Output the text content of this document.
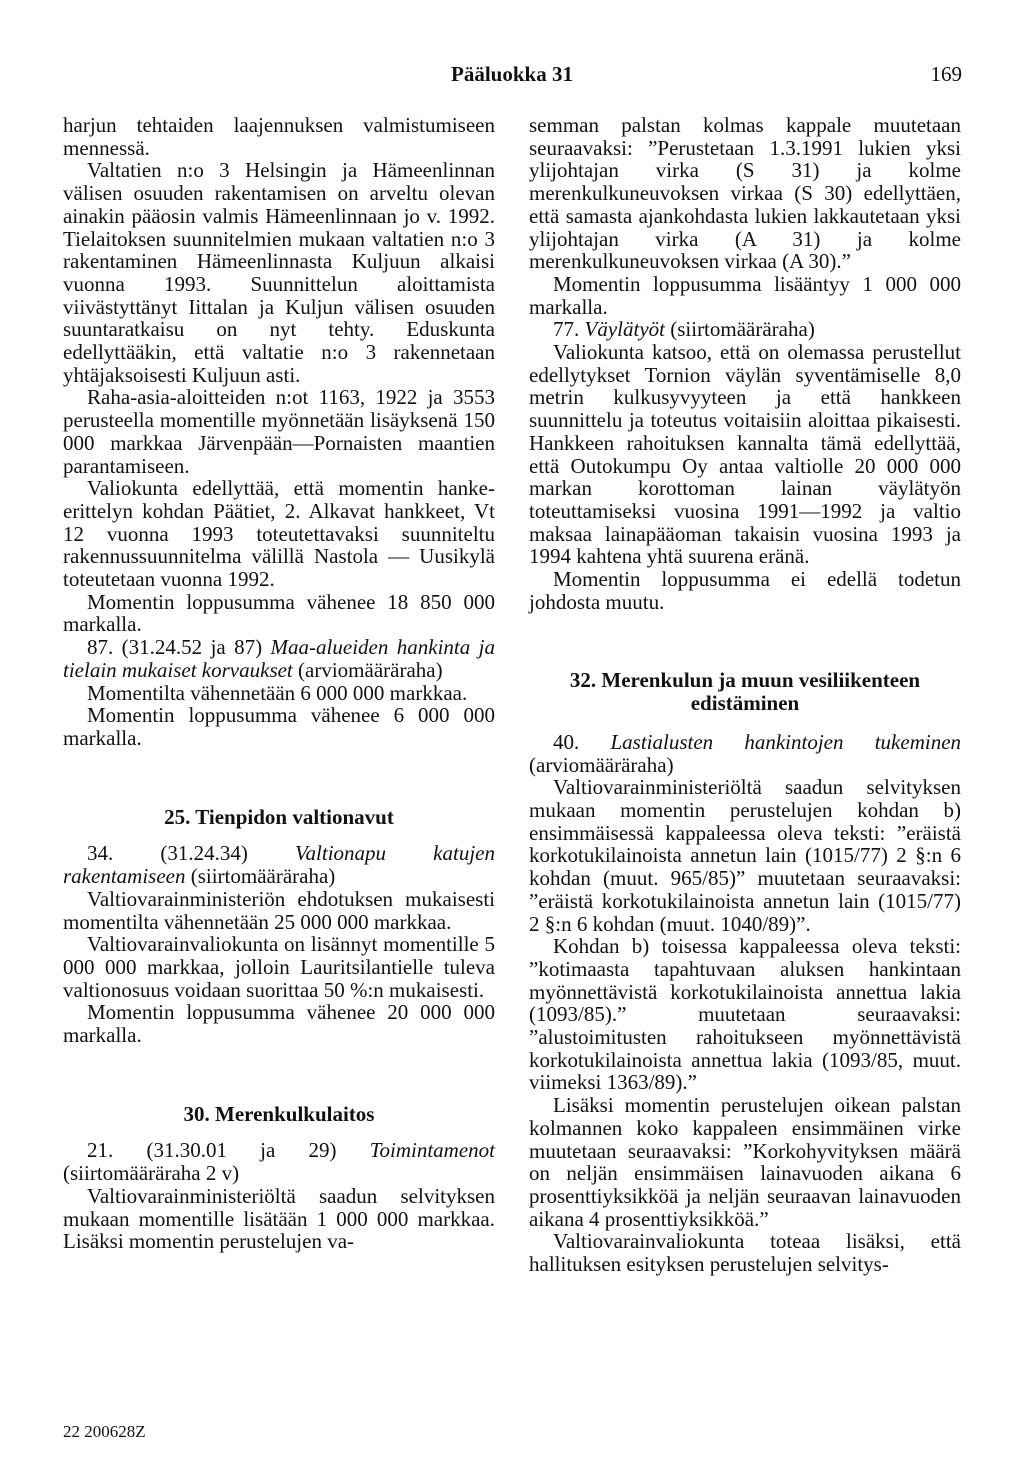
Pääluokka 31	169

harjun tehtaiden laajennuksen valmistumiseen mennessä.

Valtatien n:o 3 Helsingin ja Hämeenlinnan välisen osuuden rakentamisen on arveltu olevan ainakin pääosin valmis Hämeenlinnaan jo v. 1992. Tielaitoksen suunnitelmien mukaan valtatien n:o 3 rakentaminen Hämeenlinnasta Kuljuun alkaisi vuonna 1993. Suunnittelun aloittamista viivästyttänyt Iittalan ja Kuljun välisen osuuden suuntaratkaisu on nyt tehty. Eduskunta edellyttääkin, että valtatie n:o 3 rakennetaan yhtäjaksoisesti Kuljuun asti.

Raha-asia-aloitteiden n:ot 1163, 1922 ja 3553 perusteella momentille myönnetään lisäyksenä 150 000 markkaa Järvenpään—Pornaisten maantien parantamiseen.

Valiokunta edellyttää, että momentin hanke-erittelyn kohdan Päätiet, 2. Alkavat hankkeet, Vt 12 vuonna 1993 toteutettavaksi suunniteltu rakennussuunnitelma välillä Nastola — Uusikylä toteutetaan vuonna 1992.

Momentin loppusumma vähenee 18 850 000 markalla.

87. (31.24.52 ja 87) Maa-alueiden hankinta ja tielain mukaiset korvaukset (arviomääräraha)

Momentilta vähennetään 6 000 000 markkaa.

Momentin loppusumma vähenee 6 000 000 markalla.

25. Tienpidon valtionavut

34. (31.24.34) Valtionapu katujen rakentamiseen (siirtomääräraha)

Valtiovarainministeriön ehdotuksen mukaisesti momentilta vähennetään 25 000 000 markkaa.

Valtiovarainvaliokunta on lisännyt momentille 5 000 000 markkaa, jolloin Lauritsilantielle tuleva valtionosuus voidaan suorittaa 50 %:n mukaisesti.

Momentin loppusumma vähenee 20 000 000 markalla.

30. Merenkulkulaitos

21. (31.30.01 ja 29) Toimintamenot (siirtomääräraha 2 v)

Valtiovarainministeriöltä saadun selvityksen mukaan momentille lisätään 1 000 000 markkaa. Lisäksi momentin perustelujen va-

semman palstan kolmas kappale muutetaan seuraavaksi: ”Perustetaan 1.3.1991 lukien yksi ylijohtajan virka (S 31) ja kolme merenkulkuneuvoksen virkaa (S 30) edellyttäen, että samasta ajankohdasta lukien lakkautetaan yksi ylijohtajan virka (A 31) ja kolme merenkulkuneuvoksen virkaa (A 30).”

Momentin loppusumma lisääntyy 1 000 000 markalla.

77. Väylätyöt (siirtomääräraha)

Valiokunta katsoo, että on olemassa perustellut edellytykset Tornion väylän syventämiselle 8,0 metrin kulkusyvyyteen ja että hankkeen suunnittelu ja toteutus voitaisiin aloittaa pikaisesti. Hankkeen rahoituksen kannalta tämä edellyttää, että Outokumpu Oy antaa valtiolle 20 000 000 markan korottoman lainan väylätyön toteuttamiseksi vuosina 1991—1992 ja valtio maksaa lainapääoman takaisin vuosina 1993 ja 1994 kahtena yhtä suurena eränä.

Momentin loppusumma ei edellä todetun johdosta muutu.

32. Merenkulun ja muun vesiliikenteen edistäminen

40. Lastialusten hankintojen tukeminen (arviomääräraha)

Valtiovarainministeriöltä saadun selvityksen mukaan momentin perustelujen kohdan b) ensimmäisessä kappaleessa oleva teksti: ”eräistä korkotukilainoista annetun lain (1015/77) 2 §:n 6 kohdan (muut. 965/85)” muutetaan seuraavaksi: ”eräistä korkotukilainoista annetun lain (1015/77) 2 §:n 6 kohdan (muut. 1040/89)”.

Kohdan b) toisessa kappaleessa oleva teksti: ”kotimaasta tapahtuvaan aluksen hankintaan myönnettävistä korkotukilainoista annettua lakia (1093/85).” muutetaan seuraavaksi: ”alustoimitusten rahoitukseen myönnettävistä korkotukilainoista annettua lakia (1093/85, muut. viimeksi 1363/89).”

Lisäksi momentin perustelujen oikean palstan kolmannen koko kappaleen ensimmäinen virke muutetaan seuraavaksi: ”Korkohyvityksen määrä on neljän ensimmäisen lainavuoden aikana 6 prosenttiyksikköä ja neljän seuraavan lainavuoden aikana 4 prosenttiyksikköä.”

Valtiovarainvaliokunta toteaa lisäksi, että hallituksen esityksen perustelujen selvitys-

22 200628Z
